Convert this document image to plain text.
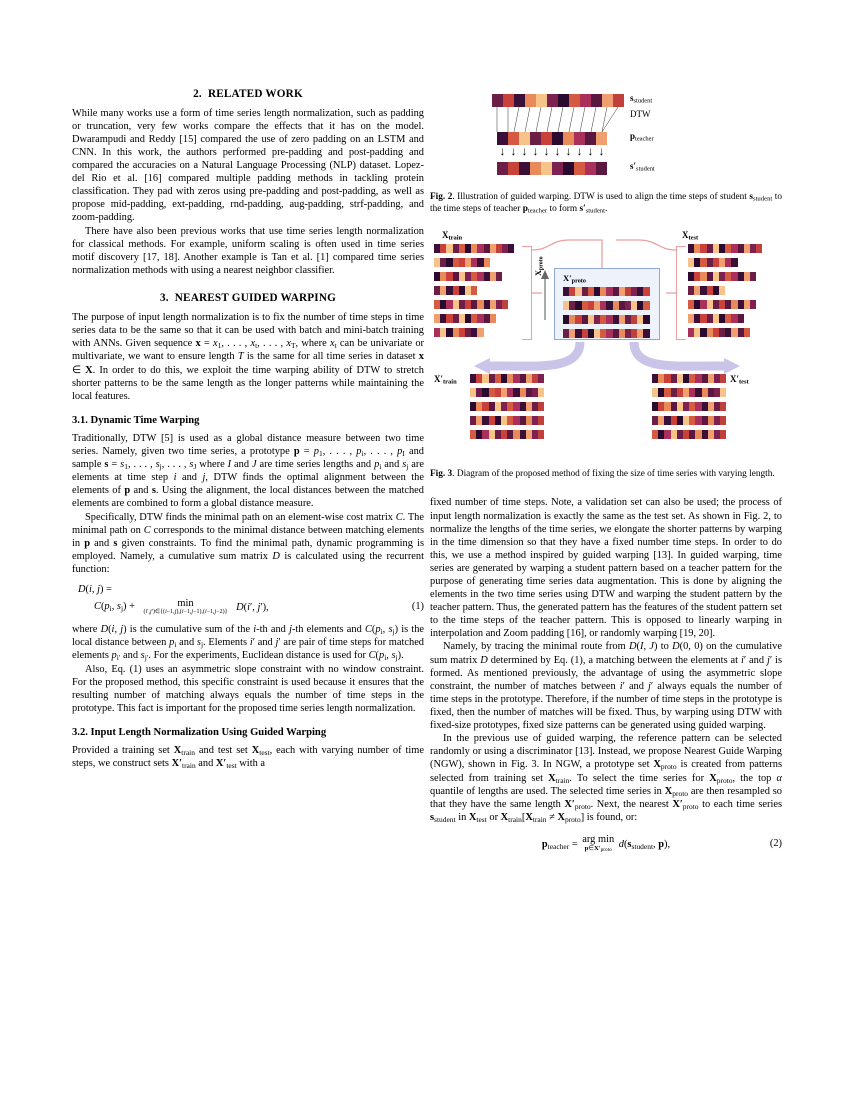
2. RELATED WORK

While many works use a form of time series length normalization, such as padding or truncation, very few works compare the effects that it has on the model. Dwarampudi and Reddy [15] compared the use of zero padding on an LSTM and CNN. In this work, the authors performed pre-padding and post-padding and compared the accuracies on a Natural Language Processing (NLP) dataset. Lopez-del Rio et al. [16] compared multiple padding methods in tackling protein classification. They pad with zeros using pre-padding and post-padding, as well as propose mid-padding, ext-padding, rnd-padding, aug-padding, strf-padding, and zoom-padding.

There have also been previous works that use time series length normalization for classical methods. For example, uniform scaling is often used in time series motif discovery [17, 18]. Another example is Tan et al. [1] compared time series normalization methods with using a nearest neighbor classifier.

3. NEAREST GUIDED WARPING

The purpose of input length normalization is to fix the number of time steps in time series data to be the same so that it can be used with batch and mini-batch training with ANNs. Given sequence $x = x_1$, . . . , $x_t$, . . . , $x_T$, where $x_t$ can be univariate or multivariate, we want to ensure length T is the same for all time series in dataset x ∈ X. In order to do this, we exploit the time warping ability of DTW to stretch shorter patterns to be the same length as the longer patterns while maintaining the local features.

3.1. Dynamic Time Warping

Traditionally, DTW [5] is used as a global distance measure between two time series. Namely, given two time series, a prototype $p = p_1$, . . . , $p_i$, . . . , $p_I$ and sample $s = s_1$, . . . , $s_j$, . . . , $s_J$ where I and J are time series lengths and $p_i$ and $s_j$ are elements at time step i and j, DTW finds the optimal alignment between the elements of p and s. Using the alignment, the local distances between the matched elements are combined to form a global distance measure.

Specifically, DTW finds the minimal path on an element-wise cost matrix C. The minimal path on C corresponds to the minimal distance between matching elements in p and s given constraints. To find the minimal path, dynamic programming is employed. Namely, a cumulative sum matrix D is calculated using the recurrent function:

D(i, j) =
$C(p_i$, $s_j$) +	min
(i′,j′)∈{(i−1,j),(i−1,j−1),(i−1,j−2)} D(i′, j′),	(1)

where D(i, j) is the cumulative sum of the i-th and j-th elements and $C(p_i$, $s_j$) is the local distance between $p_i$ and $s_j$. Elements i′ and j′ are pair of time steps for matched elements $p_{i'}$ and $s_{j'}$. For the experiments, Euclidean distance is used for $C(p_i$, $s_j$).

Also, Eq. (1) uses an asymmetric slope constraint with no window constraint. For the proposed method, this specific constraint is used because it ensures that the resulting number of matching always equals the number of time steps in the prototype. This fact is important for the proposed time series length normalization.

3.2. Input Length Normalization Using Guided Warping

Provided a training set $X_{train}$ and test set $X_{test}$, each with varying number of time steps, we construct sets $X'_{train}$ and $X'_{test}$ with a

$s_{student}$
DTW
$p_{teacher}$
↓ ↓ ↓ ↓ ↓ ↓ ↓ ↓ ↓ ↓
$s'_{student}$

Fig. 2. Illustration of guided warping. DTW is used to align the time steps of student $s_{student}$ to the time steps of teacher $p_{teacher}$ to form $s'_{student}$.

$X_{train}$	$X_{test}$
$X_{proto}$
$X'_{proto}$
$X'_{train}$	$X'_{test}$

Fig. 3. Diagram of the proposed method of fixing the size of time series with varying length.

fixed number of time steps. Note, a validation set can also be used; the process of input length normalization is exactly the same as the test set. As shown in Fig. 2, to normalize the lengths of the time series, we elongate the shorter patterns by warping in the time dimension so that they have a fixed number time steps. In order to do this, we use a method inspired by guided warping [13]. In guided warping, time series are generated by warping a student pattern based on a teacher pattern for the purpose of generating time series data augmentation. This is done by aligning the elements in the two time series using DTW and warping the student pattern by the teacher pattern. Thus, the generated pattern has the features of the student pattern set to the time steps of the teacher pattern. This is opposed to linearly warping in interpolation and Zoom padding [16], or randomly warping [19, 20].

Namely, by tracing the minimal route from D(I, J) to D(0, 0) on the cumulative sum matrix D determined by Eq. (1), a matching between the elements at i′ and j′ is formed. As mentioned previously, the advantage of using the asymmetric slope constraint, the number of matches between i′ and j′ always equals the number of time steps in the prototype. Therefore, if the number of time steps in the prototype is fixed, then the number of matches will be fixed. Thus, by warping using DTW with fixed-size prototypes, fixed size patterns can be generated using guided warping.

In the previous use of guided warping, the reference pattern can be selected randomly or using a discriminator [13]. Instead, we propose Nearest Guide Warping (NGW), shown in Fig. 3. In NGW, a prototype set $X_{proto}$ is created from patterns selected from training set $X_{train}$. To select the time series for $X_{proto}$, the top α quantile of lengths are used. The selected time series in $X_{proto}$ are then resampled so that they have the same length $X'_{proto}$. Next, the nearest $X'_{proto}$ to each time series $s_{student}$ in $X_{test}$ or $X_{train}[X_{train} \ne X_{proto}]$ is found, or:

$p_{teacher}$ = arg min
p∈X′proto
$d(s_{student}$, p),	(2)
